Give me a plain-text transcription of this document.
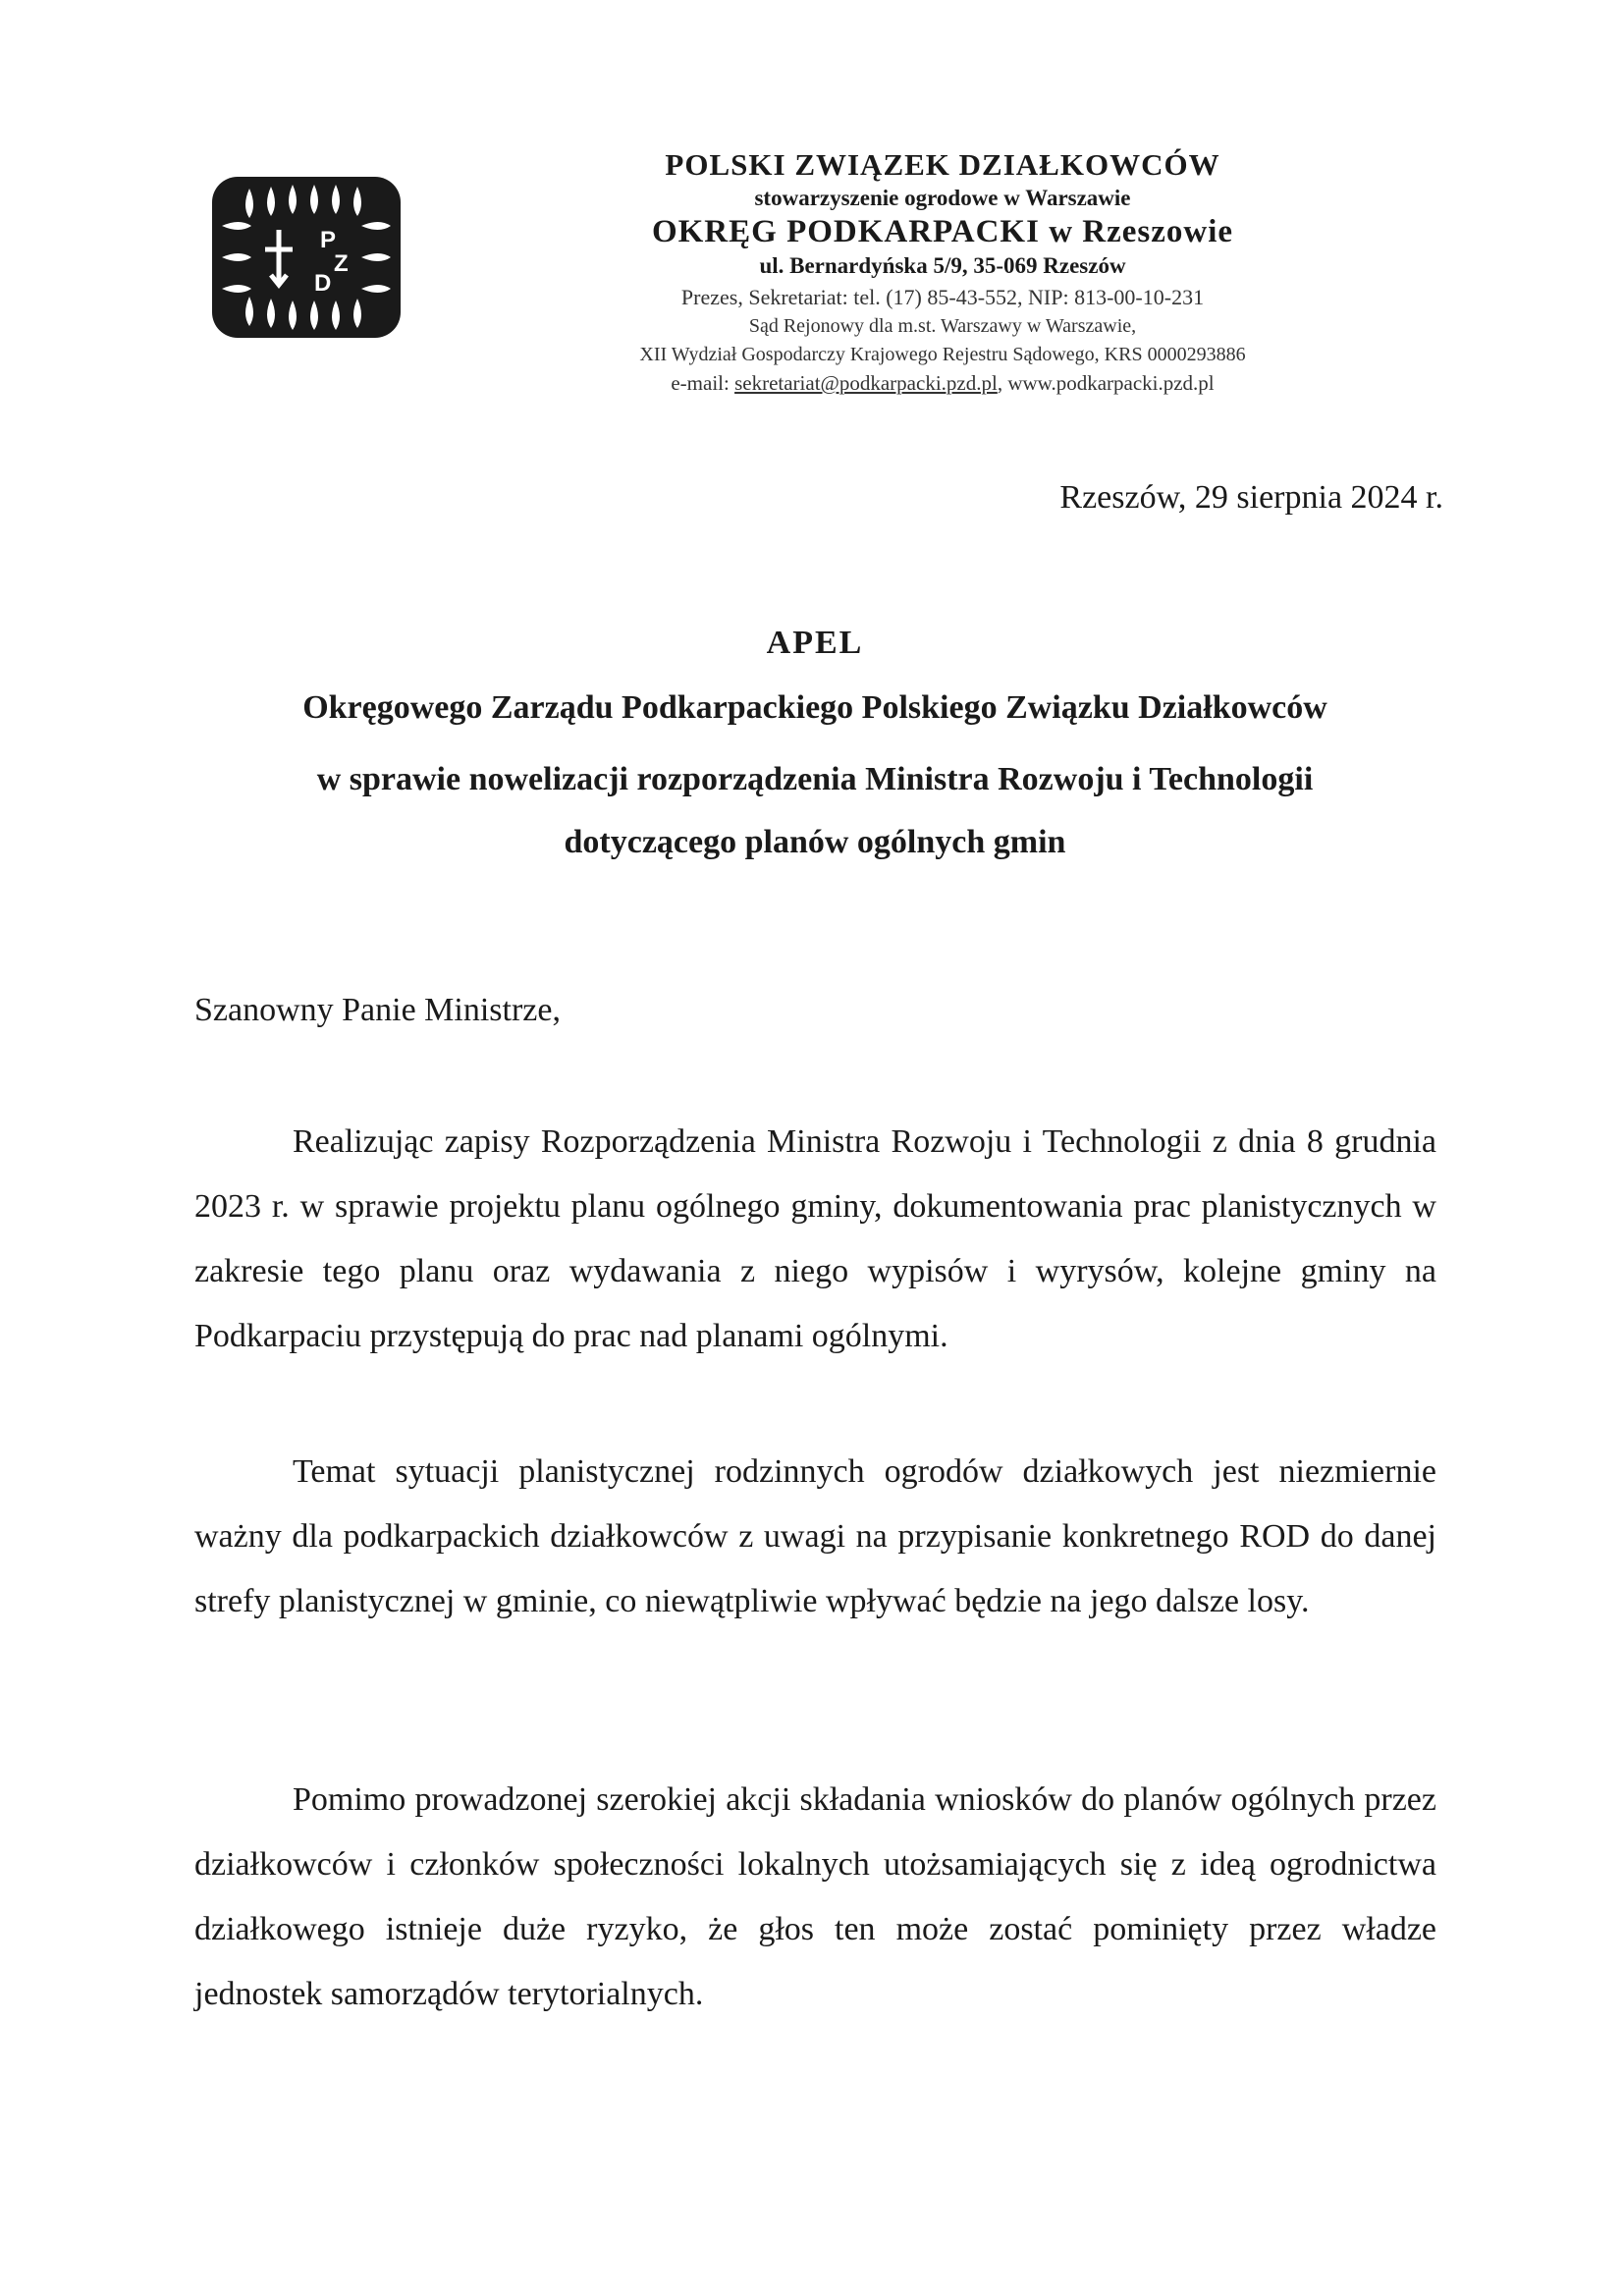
P
Z
D
POLSKI ZWIĄZEK DZIAŁKOWCÓW
stowarzyszenie ogrodowe w Warszawie
OKRĘG PODKARPACKI w Rzeszowie
ul. Bernardyńska 5/9, 35-069 Rzeszów
Prezes, Sekretariat: tel. (17) 85-43-552, NIP: 813-00-10-231
Sąd Rejonowy dla m.st. Warszawy w Warszawie,
XII Wydział Gospodarczy Krajowego Rejestru Sądowego, KRS 0000293886
e-mail: sekretariat@podkarpacki.pzd.pl, www.podkarpacki.pzd.pl
Rzeszów, 29 sierpnia 2024 r.
APEL
Okręgowego Zarządu Podkarpackiego Polskiego Związku Działkowców
w sprawie nowelizacji rozporządzenia Ministra Rozwoju i Technologii
dotyczącego planów ogólnych gmin
Szanowny Panie Ministrze,

Realizując zapisy Rozporządzenia Ministra Rozwoju i Technologii z dnia 8 grudnia 2023 r. w sprawie projektu planu ogólnego gminy, dokumentowania prac planistycznych w zakresie tego planu oraz wydawania z niego wypisów i wyrysów, kolejne gminy na Podkarpaciu przystępują do prac nad planami ogólnymi.

Temat sytuacji planistycznej rodzinnych ogrodów działkowych jest niezmiernie ważny dla podkarpackich działkowców z uwagi na przypisanie konkretnego ROD do danej strefy planistycznej w gminie, co niewątpliwie wpływać będzie na jego dalsze losy.

Pomimo prowadzonej szerokiej akcji składania wniosków do planów ogólnych przez działkowców i członków społeczności lokalnych utożsamiających się z ideą ogrodnictwa działkowego istnieje duże ryzyko, że głos ten może zostać pominięty przez władze jednostek samorządów terytorialnych.
